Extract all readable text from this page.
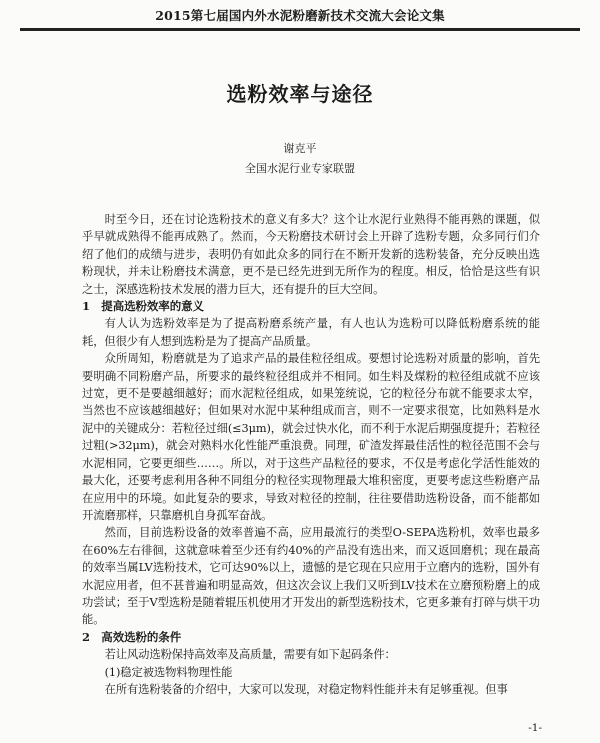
2015第七届国内外水泥粉磨新技术交流大会论文集
选粉效率与途径
谢克平
全国水泥行业专家联盟

时至今日，还在讨论选粉技术的意义有多大？这个让水泥行业熟得不能再熟的课题，似乎早就成熟得不能再成熟了。然而，今天粉磨技术研讨会上开辟了选粉专题，众多同行们介绍了他们的成绩与进步，表明仍有如此众多的同行在不断开发新的选粉装备，充分反映出选粉现状，并未让粉磨技术满意，更不是已经先进到无所作为的程度。相反，恰恰是这些有识之士，深感选粉技术发展的潜力巨大，还有提升的巨大空间。

1　提高选粉效率的意义

有人认为选粉效率是为了提高粉磨系统产量，有人也认为选粉可以降低粉磨系统的能耗，但很少有人想到选粉是为了提高产品质量。

众所周知，粉磨就是为了追求产品的最佳粒径组成。要想讨论选粉对质量的影响，首先要明确不同粉磨产品，所要求的最终粒径组成并不相同。如生料及煤粉的粒径组成就不应该过宽，更不是要越细越好；而水泥粒径组成，如果笼统说，它的粒径分布就不能要求太窄，当然也不应该越细越好；但如果对水泥中某种组成而言，则不一定要求很宽，比如熟料是水泥中的关键成分：若粒径过细(≤3μm)，就会过快水化，而不利于水泥后期强度提升；若粒径过粗(>32μm)，就会对熟料水化性能严重浪费。同理，矿渣发挥最佳活性的粒径范围不会与水泥相同，它要更细些……。所以，对于这些产品粒径的要求，不仅是考虑化学活性能效的最大化，还要考虑利用各种不同组分的粒径实现物理最大堆积密度，更要考虑这些粉磨产品在应用中的环境。如此复杂的要求，导致对粒径的控制，往往要借助选粉设备，而不能都如开流磨那样，只靠磨机自身孤军奋战。

然而，目前选粉设备的效率普遍不高，应用最流行的类型O-SEPA选粉机，效率也最多在60%左右徘徊，这就意味着至少还有约40%的产品没有选出来，而又返回磨机；现在最高的效率当属LV选粉技术，它可达90%以上，遗憾的是它现在只应用于立磨内的选粉，国外有水泥应用者，但不甚普遍和明显高效，但这次会议上我们又听到LV技术在立磨预粉磨上的成功尝试；至于V型选粉是随着辊压机使用才开发出的新型选粉技术，它更多兼有打碎与烘干功能。

2　高效选粉的条件

若让风动选粉保持高效率及高质量，需要有如下起码条件：

(1)稳定被选物料物理性能

在所有选粉装备的介绍中，大家可以发现，对稳定物料性能并未有足够重视。但事

-1-
